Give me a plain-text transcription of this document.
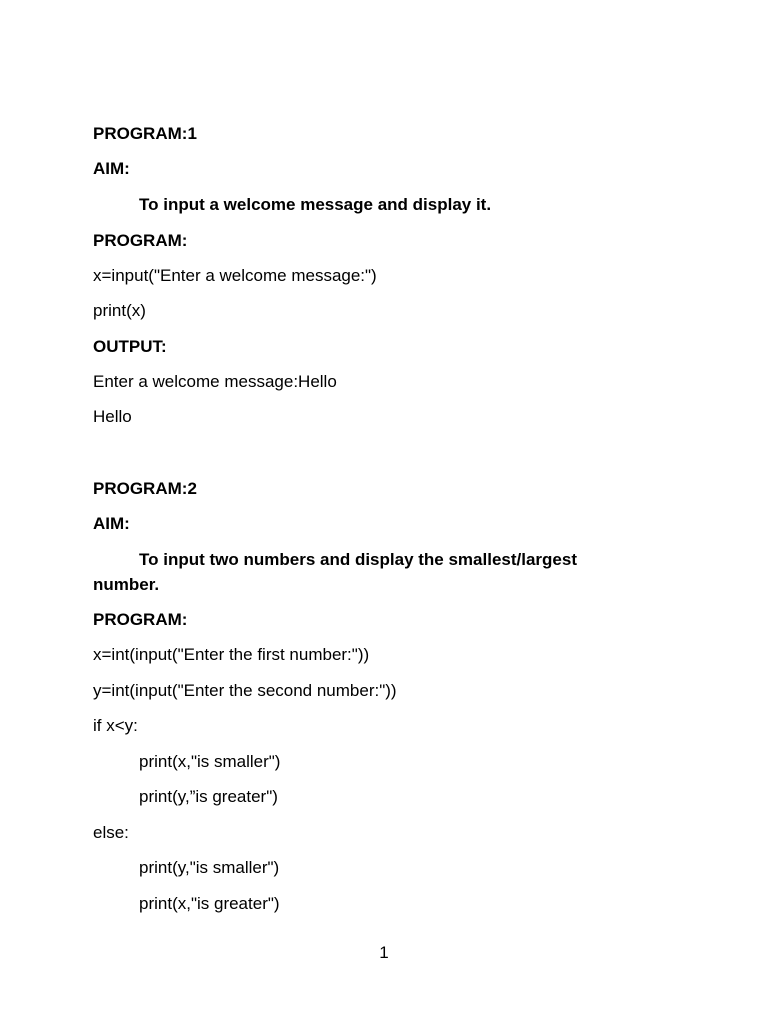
PROGRAM:1
AIM:
To input a welcome message and display it.
PROGRAM:
x=input("Enter a welcome message:")
print(x)
OUTPUT:
Enter a welcome message:Hello
Hello
PROGRAM:2
AIM:
To input two numbers and display the smallest/largest number.
PROGRAM:
x=int(input("Enter the first number:"))
y=int(input("Enter the second number:"))
if x<y:
print(x,"is smaller")
print(y,”is greater")
else:
print(y,"is smaller")
print(x,"is greater")
1
